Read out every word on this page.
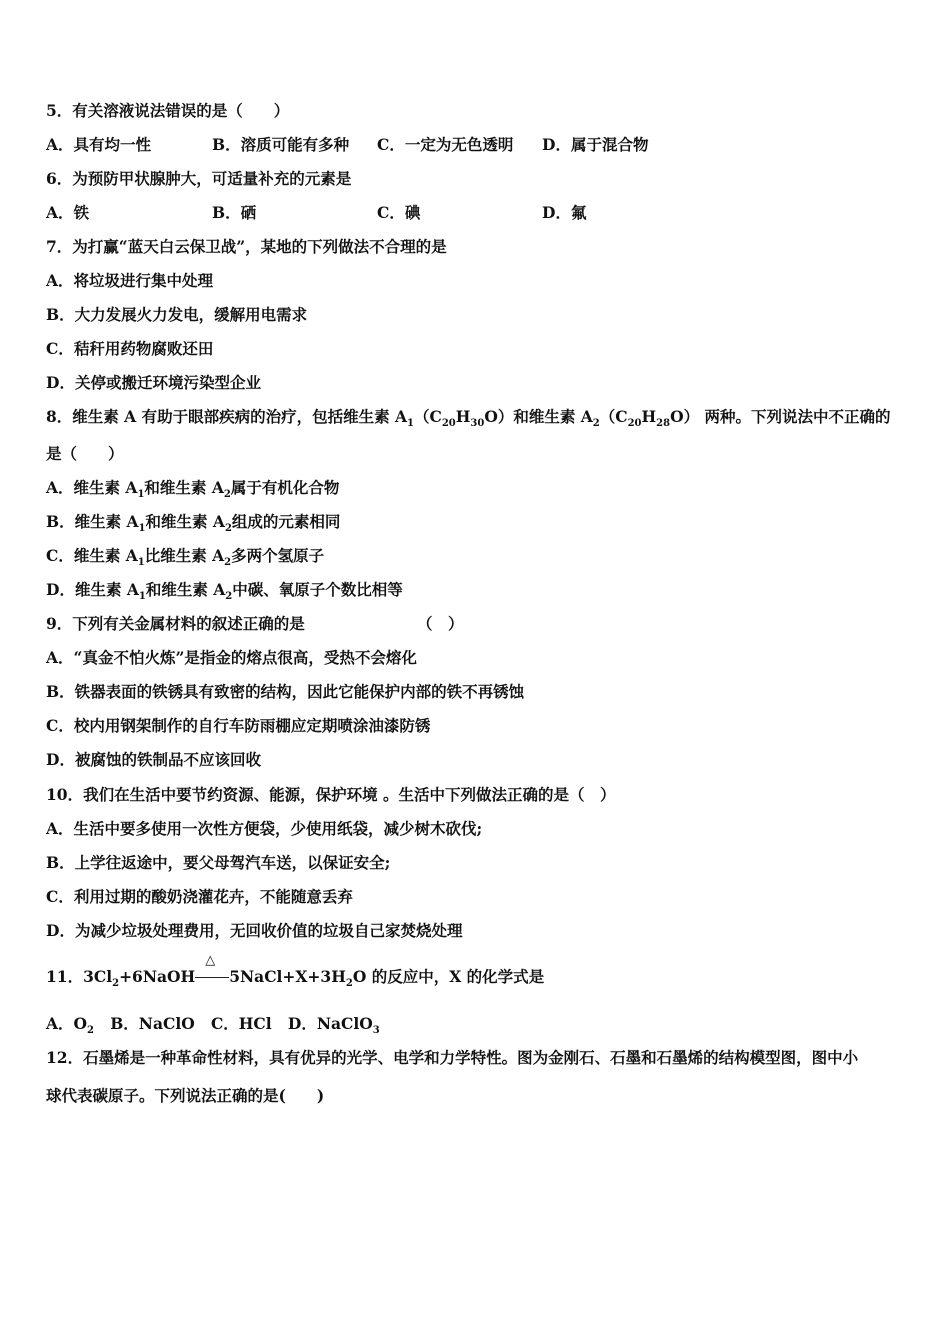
5．有关溶液说法错误的是（　　）
A．具有均一性	B．溶质可能有多种 C．一定为无色透明 D．属于混合物
6．为预防甲状腺肿大，可适量补充的元素是
A．铁	B．硒	C．碘	D．氟
7．为打赢“蓝天白云保卫战”，某地的下列做法不合理的是
A．将垃圾进行集中处理
B．大力发展火力发电，缓解用电需求
C．秸秆用药物腐败还田
D．关停或搬迁环境污染型企业
8．维生素 A 有助于眼部疾病的治疗，包括维生素 $A_1(C_{20}H_{30}O)$和维生素 $A_2(C_{20}H_{28}O)$ 两种。下列说法中不正确的
是（　　）
A．维生素 $A_1$和维生素 $A_2$属于有机化合物
B．维生素 $A_1$和维生素 $A_2$组成的元素相同
C．维生素 $A_1$比维生素 $A_2$多两个氢原子
D．维生素 $A_1$和维生素 $A_2$中碳、氧原子个数比相等
9．下列有关金属材料的叙述正确的是	（　）
A．“真金不怕火炼”是指金的熔点很高，受热不会熔化
B．铁器表面的铁锈具有致密的结构，因此它能保护内部的铁不再锈蚀
C．校内用钢架制作的自行车防雨棚应定期喷涂油漆防锈
D．被腐蚀的铁制品不应该回收
10．我们在生活中要节约资源、能源，保护环境 。生活中下列做法正确的是（　）
A．生活中要多使用一次性方便袋，少使用纸袋，减少树木砍伐;
B．上学往返途中，要父母驾汽车送，以保证安全;
C．利用过期的酸奶浇灌花卉，不能随意丢弃
D．为减少垃圾处理费用，无回收价值的垃圾自己家焚烧处理
11．$3Cl_2+6NaOH$
△
$5NaCl+X+3H_2O$ 的反应中，X 的化学式是
A．$O_2$ B．NaClO C．HCl D．NaClO$_3$
12．石墨烯是一种革命性材料，具有优异的光学、电学和力学特性。图为金刚石、石墨和石墨烯的结构模型图，图中小
球代表碳原子。下列说法正确的是(　　)
